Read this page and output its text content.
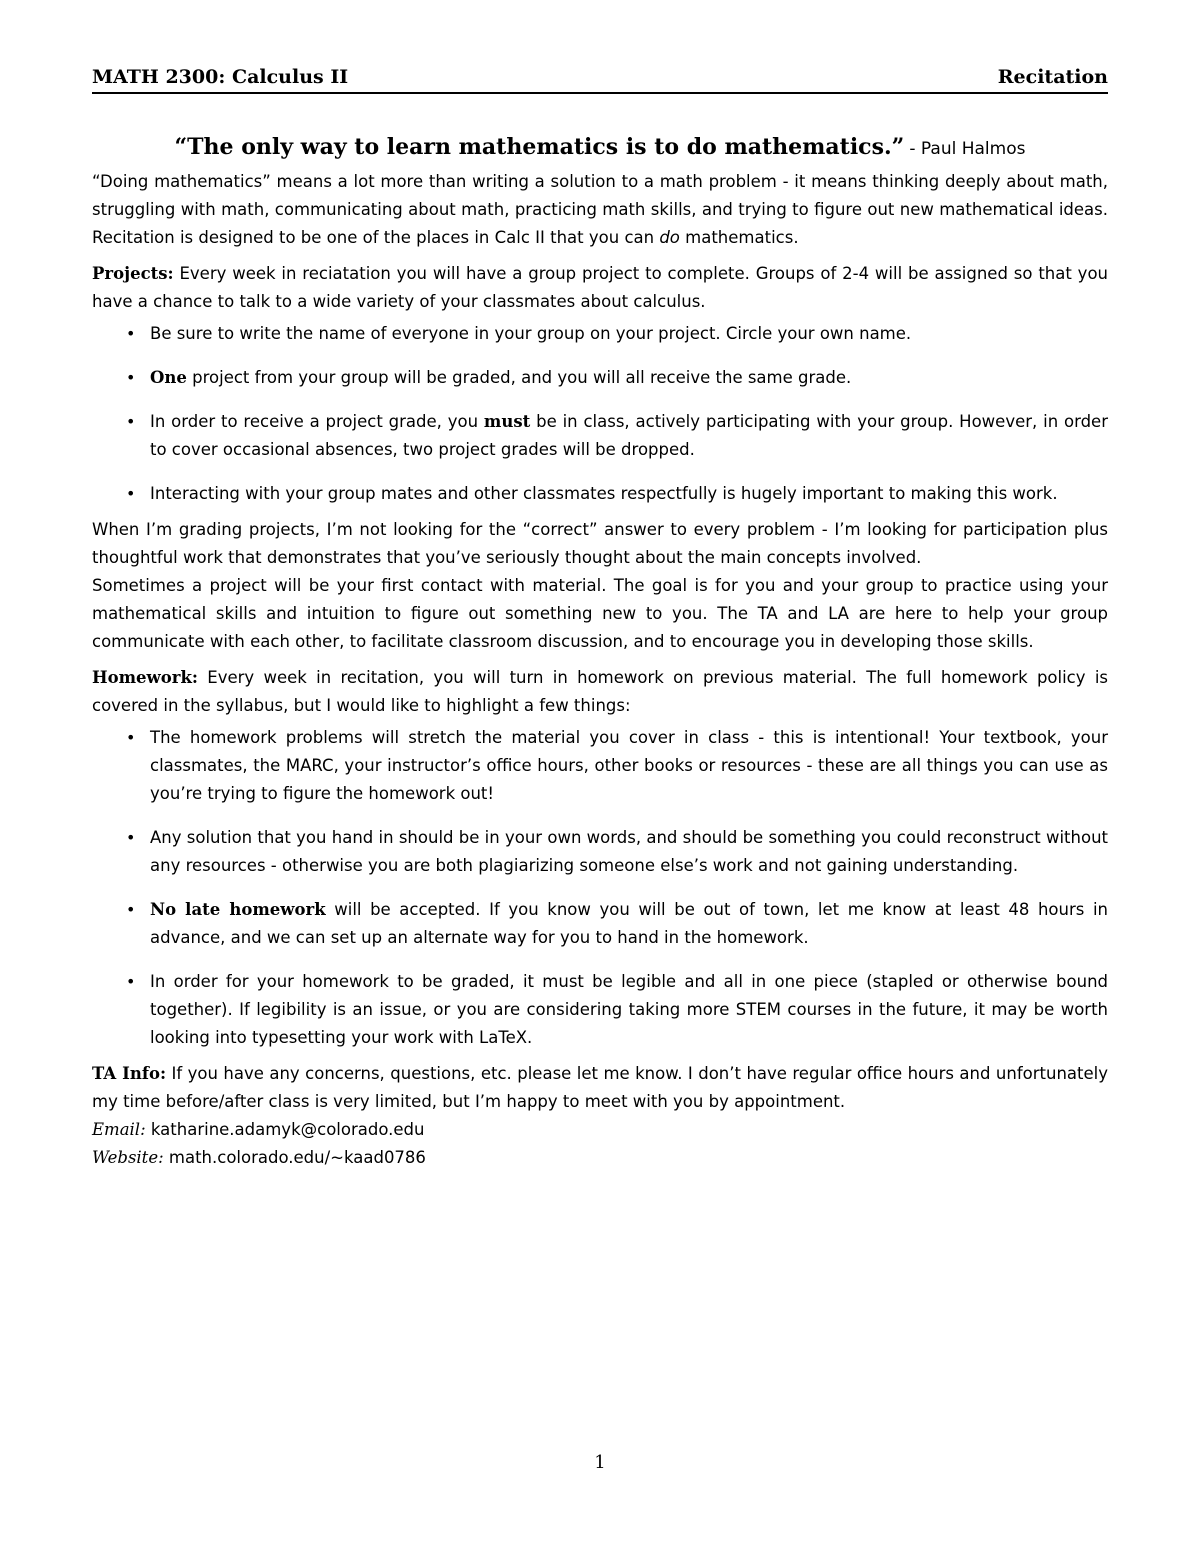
MATH 2300: Calculus II	Recitation
“The only way to learn mathematics is to do mathematics.” - Paul Halmos

“Doing mathematics” means a lot more than writing a solution to a math problem - it means thinking deeply about math, struggling with math, communicating about math, practicing math skills, and trying to figure out new mathematical ideas. Recitation is designed to be one of the places in Calc II that you can do mathematics.

Projects: Every week in reciatation you will have a group project to complete. Groups of 2-4 will be assigned so that you have a chance to talk to a wide variety of your classmates about calculus.

• Be sure to write the name of everyone in your group on your project. Circle your own name.
• One project from your group will be graded, and you will all receive the same grade.
• In order to receive a project grade, you must be in class, actively participating with your group. However, in order to cover occasional absences, two project grades will be dropped.
• Interacting with your group mates and other classmates respectfully is hugely important to making this work.

When I’m grading projects, I’m not looking for the “correct” answer to every problem - I’m looking for participation plus thoughtful work that demonstrates that you’ve seriously thought about the main concepts involved.

Sometimes a project will be your first contact with material. The goal is for you and your group to practice using your mathematical skills and intuition to figure out something new to you. The TA and LA are here to help your group communicate with each other, to facilitate classroom discussion, and to encourage you in developing those skills.

Homework: Every week in recitation, you will turn in homework on previous material. The full homework policy is covered in the syllabus, but I would like to highlight a few things:

• The homework problems will stretch the material you cover in class - this is intentional! Your textbook, your classmates, the MARC, your instructor’s office hours, other books or resources - these are all things you can use as you’re trying to figure the homework out!
• Any solution that you hand in should be in your own words, and should be something you could reconstruct without any resources - otherwise you are both plagiarizing someone else’s work and not gaining understanding.
• No late homework will be accepted. If you know you will be out of town, let me know at least 48 hours in advance, and we can set up an alternate way for you to hand in the homework.
• In order for your homework to be graded, it must be legible and all in one piece (stapled or otherwise bound together). If legibility is an issue, or you are considering taking more STEM courses in the future, it may be worth looking into typesetting your work with LaTeX.

TA Info: If you have any concerns, questions, etc. please let me know. I don’t have regular office hours and unfortunately my time before/after class is very limited, but I’m happy to meet with you by appointment.

Email: katharine.adamyk@colorado.edu
Website: math.colorado.edu/~kaad0786
1
